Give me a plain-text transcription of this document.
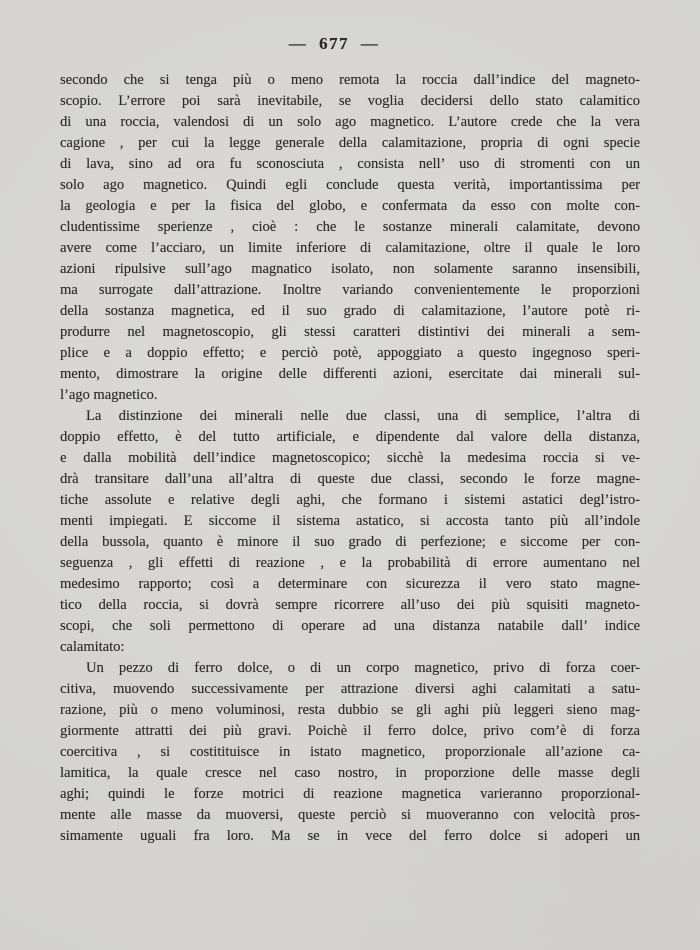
— 677 —
secondo che si tenga più o meno remota la roccia dall’indice del magneto-
scopio. L’errore poi sarà inevitabile, se voglia decidersi dello stato calamitico
di una roccia, valendosi di un solo ago magnetico. L’autore crede che la vera
cagione , per cui la legge generale della calamitazione, propria di ogni specie
di lava, sino ad ora fu sconosciuta , consista nell’ uso di stromenti con un
solo ago magnetico. Quindi egli conclude questa verità, importantissima per
la geologia e per la fisica del globo, e confermata da esso con molte con-
cludentissime sperienze , cioè : che le sostanze minerali calamitate, devono
avere come l’acciaro, un limite inferiore di calamitazione, oltre il quale le loro
azioni ripulsive sull’ago magnatico isolato, non solamente saranno insensibili,
ma surrogate dall’attrazione. Inoltre variando convenientemente le proporzioni
della sostanza magnetica, ed il suo grado di calamitazione, l’autore potè ri-
produrre nel magnetoscopio, gli stessi caratteri distintivi dei minerali a sem-
plice e a doppio effetto; e perciò potè, appoggiato a questo ingegnoso speri-
mento, dimostrare la origine delle differenti azioni, esercitate dai minerali sul-
l’ago magnetico.
La distinzione dei minerali nelle due classi, una di semplice, l’altra di
doppio effetto, è del tutto artificiale, e dipendente dal valore della distanza,
e dalla mobilità dell’indice magnetoscopico; sicchè la medesima roccia si ve-
drà transitare dall’una all’altra di queste due classi, secondo le forze magne-
tiche assolute e relative degli aghi, che formano i sistemi astatici degl’istro-
menti impiegati. E siccome il sistema astatico, si accosta tanto più all’indole
della bussola, quanto è minore il suo grado di perfezione; e siccome per con-
seguenza , gli effetti di reazione , e la probabilità di errore aumentano nel
medesimo rapporto; così a determinare con sicurezza il vero stato magne-
tico della roccia, si dovrà sempre ricorrere all’uso dei più squisiti magneto-
scopi, che soli permettono di operare ad una distanza natabile dall’ indice
calamitato:
Un pezzo di ferro dolce, o di un corpo magnetico, privo di forza coer-
citiva, muovendo successivamente per attrazione diversi aghi calamitati a satu-
razione, più o meno voluminosi, resta dubbio se gli aghi più leggeri sieno mag-
giormente attratti dei più gravi. Poichè il ferro dolce, privo com’è di forza
coercitiva , si costitituisce in istato magnetico, proporzionale all’azione ca-
lamitica, la quale cresce nel caso nostro, in proporzione delle masse degli
aghi; quindi le forze motrici di reazione magnetica varieranno proporzional-
mente alle masse da muoversi, queste perciò si muoveranno con velocità pros-
simamente uguali fra loro. Ma se in vece del ferro dolce si adoperi un
